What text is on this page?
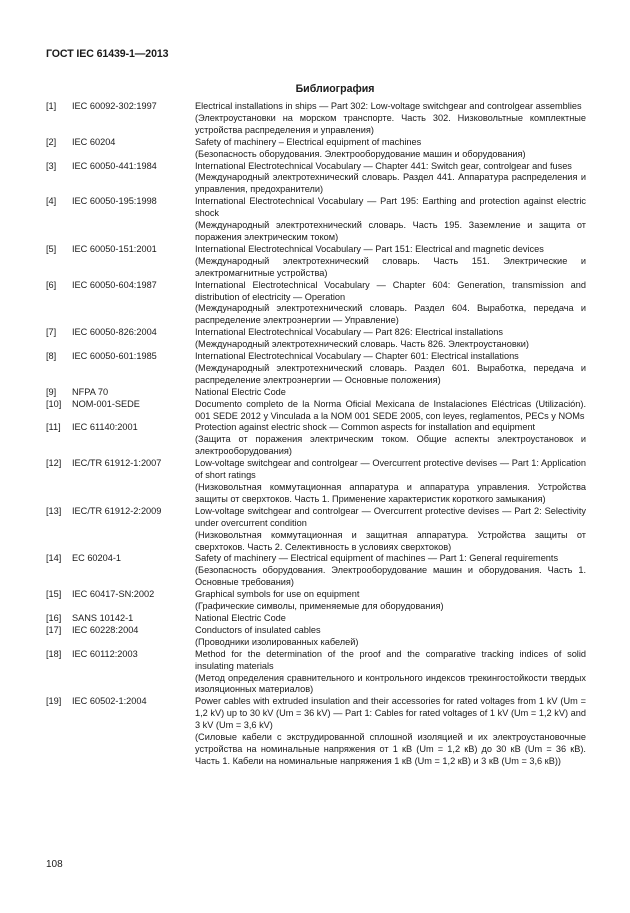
ГОСТ IEC 61439-1—2013
Библиография
[1]	IEC 60092-302:1997	Electrical installations in ships — Part 302: Low-voltage switchgear and controlgear assemblies
(Электроустановки на морском транспорте. Часть 302. Низковольтные комплектные устройства распределения и управления)
[2]	IEC 60204	Safety of machinery – Electrical equipment of machines
(Безопасность оборудования. Электрооборудование машин и оборудования)
[3]	IEC 60050-441:1984	International Electrotechnical Vocabulary — Chapter 441: Switch gear, controlgear and fuses
(Международный электротехнический словарь. Раздел 441. Аппаратура распределения и управления, предохранители)
[4]	IEC 60050-195:1998	International Electrotechnical Vocabulary — Part 195: Earthing and protection against electric shock
(Международный электротехнический словарь. Часть 195. Заземление и защита от поражения электрическим током)
[5]	IEC 60050-151:2001	International Electrotechnical Vocabulary — Part 151: Electrical and magnetic devices
(Международный электротехнический словарь. Часть 151. Электрические и электромагнитные устройства)
[6]	IEC 60050-604:1987	International Electrotechnical Vocabulary — Chapter 604: Generation, transmission and distribution of electricity — Operation
(Международный электротехнический словарь. Раздел 604. Выработка, передача и распределение электроэнергии — Управление)
[7]	IEC 60050-826:2004	International Electrotechnical Vocabulary — Part 826: Electrical installations
(Международный электротехнический словарь. Часть 826. Электроустановки)
[8]	IEC 60050-601:1985	International Electrotechnical Vocabulary — Chapter 601: Electrical installations
(Международный электротехнический словарь. Раздел 601. Выработка, передача и распределение электроэнергии — Основные положения)
[9]	NFPA 70	National Electric Code
[10]	NOM-001-SEDE	Documento completo de la Norma Oficial Mexicana de Instalaciones Eléctricas (Utilización). 001 SEDE 2012 y Vinculada a la NOM 001 SEDE 2005, con leyes, reglamentos, PECs y NOMs
[11]	IEC 61140:2001	Protection against electric shock — Common aspects for installation and equipment
(Защита от поражения электрическим током. Общие аспекты электроустановок и электрооборудования)
[12]	IEC/TR 61912-1:2007	Low-voltage switchgear and controlgear — Overcurrent protective devises — Part 1: Application of short ratings
(Низковольтная коммутационная аппаратура и аппаратура управления. Устройства защиты от сверхтоков. Часть 1. Применение характеристик короткого замыкания)
[13]	IEC/TR 61912-2:2009	Low-voltage switchgear and controlgear — Overcurrent protective devises — Part 2: Selectivity under overcurrent condition
(Низковольтная коммутационная и защитная аппаратура. Устройства защиты от сверхтоков. Часть 2. Селективность в условиях сверхтоков)
[14]	EC 60204-1	Safety of machinery — Electrical equipment of machines — Part 1: General requirements
(Безопасность оборудования. Электрооборудование машин и оборудования. Часть 1. Основные требования)
[15]	IEC 60417-SN:2002	Graphical symbols for use on equipment
(Графические символы, применяемые для оборудования)
[16]	SANS 10142-1	National Electric Code
[17]	IEC 60228:2004	Conductors of insulated cables
(Проводники изолированных кабелей)
[18]	IEC 60112:2003	Method for the determination of the proof and the comparative tracking indices of solid insulating materials
(Метод определения сравнительного и контрольного индексов трекингостойкости твердых изоляционных материалов)
[19]	IEC 60502-1:2004	Power cables with extruded insulation and their accessories for rated voltages from 1 kV (Um = 1,2 kV) up to 30 kV (Um = 36 kV) — Part 1: Cables for rated voltages of 1 kV (Um = 1,2 kV) and 3 kV (Um = 3,6 kV)
(Силовые кабели с экструдированной сплошной изоляцией и их электроустановочные устройства на номинальные напряжения от 1 кВ (Um = 1,2 кВ) до 30 кВ (Um = 36 кВ). Часть 1. Кабели на номинальные напряжения 1 кВ (Um = 1,2 кВ) и 3 кВ (Um = 3,6 кВ))
108
